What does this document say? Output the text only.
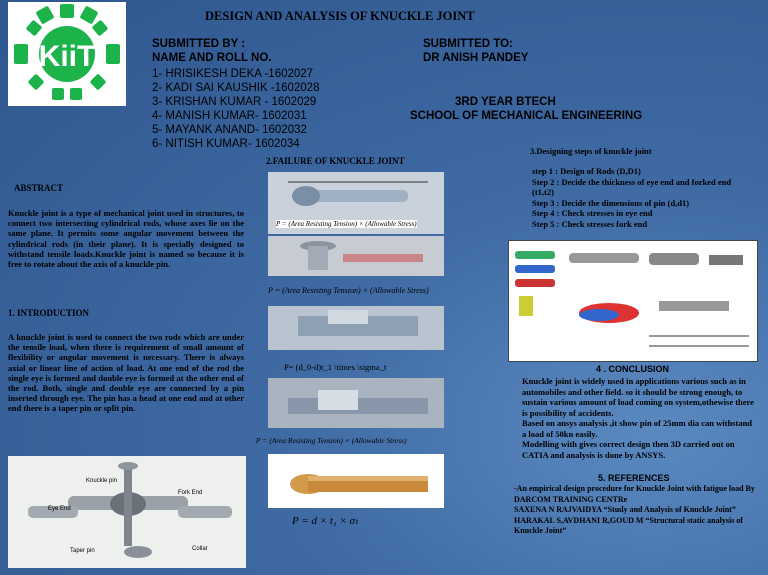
KiiT
DESIGN AND ANALYSIS OF KNUCKLE JOINT
SUBMITTED BY :
NAME AND ROLL NO.
1- HRISIKESH DEKA -1602027
2- KADI SAI KAUSHIK -1602028
3- KRISHAN KUMAR - 1602029
4- MANISH KUMAR- 1602031
5- MAYANK ANAND- 1602032
6- NITISH KUMAR- 1602034
SUBMITTED TO:
DR ANISH PANDEY
3RD YEAR BTECH
SCHOOL OF MECHANICAL ENGINEERING
ABSTRACT
Knuckle joint is a type of mechanical joint used in structures, to connect two intersecting cylindrical rods, whose axes lie on the same plane. It permits some angular movement between the cylindrical rods (in their plane). It is specially designed to withstand tensile loads.Knuckle joint is named so because it is free to rotate about the axis of a knuckle pin.
1. INTRODUCTION
A knuckle joint is used to connect the two rods which are under the tensile load, when there is requirement of small amount of flexibility or angular movement is necessary. There is always axial or linear line of action of load. At one end of the rod the single eye is formed and double eye is formed at the other end of the rod. Both, single and double eye are connected by a pin inserted through eye. The pin has a head at one end and at other end there is a taper pin or split pin.
Knuckle pin
Eye End
Fork End
Taper pin	Collar
2.FAILURE OF KNUCKLE JOINT
P = (Area Resisting Tension) × (Allowable Stress)
P = (Area Resisting Tension) × (Allowable Stress)
P= (d_0-d)t_1 \times \sigma_t
P = (Area Resisting Tension) × (Allowable Stress)
P = d × t₁ × σₜ
3.Designing steps of knuckle joint
step 1 : Design of Rods (D,D1)
Step 2 : Decide the thickness of eye end and forked end (t1,t2)
Step 3 : Decide the dimensions of pin (d,d1)
Step 4 : Check stresses in eye end
Step 5 : Check stresses fork end
4 . CONCLUSION
Knuckle joint is widely used in applications various such as in automobiles and other field. so it should be strong enough, to sustain various amount of load coming on system,othewise there is possibility of accidents.
Based on ansys analysis ,it show pin of 25mm dia can withstand a load of 50kn easily.
Modelling with gives correct design then 3D carried out on CATIA and analysis is done by ANSYS.
5. REFERENCES
-An empirical design procedure for Knuckle Joint with fatigue load By DARCOM TRAINING CENTRe
SAXENA N RAJVAIDYA “Study and Analysis of Knuckle Joint”
HARAKAL S,AVDHANI R,GOUD M “Structural static analysis of Knuckle Joint”
